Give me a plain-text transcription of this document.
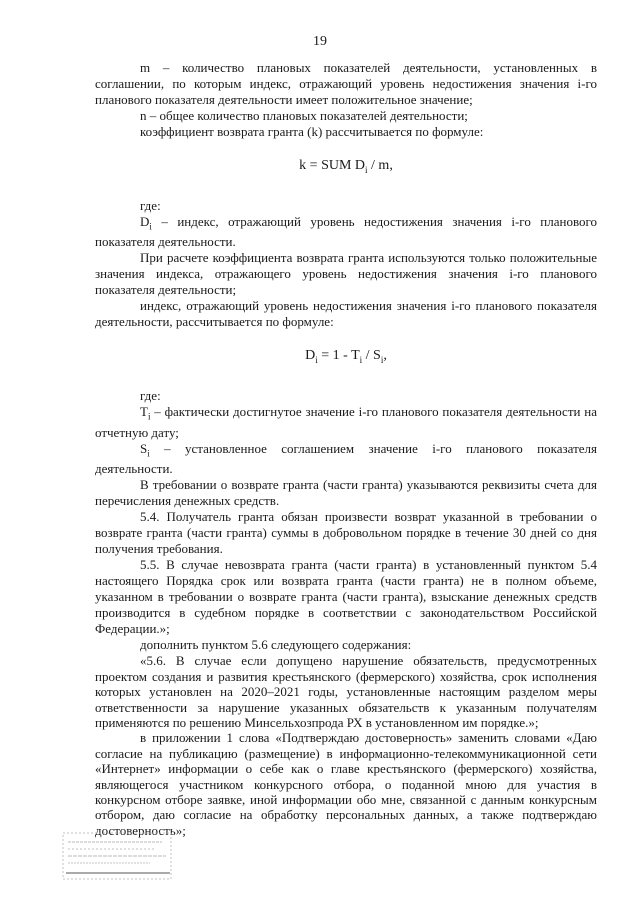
19

m – количество плановых показателей деятельности, установленных в соглашении, по которым индекс, отражающий уровень недостижения значения i-го планового показателя деятельности имеет положительное значение;

n – общее количество плановых показателей деятельности;

коэффициент возврата гранта (k) рассчитывается по формуле:

k = SUM $D_i$ / m,

где:

$D_i$ – индекс, отражающий уровень недостижения значения i-го планового показателя деятельности.

При расчете коэффициента возврата гранта используются только положительные значения индекса, отражающего уровень недостижения значения i-го планового показателя деятельности;

индекс, отражающий уровень недостижения значения i-го планового показателя деятельности, рассчитывается по формуле:

$D_i = 1 - T_i / S_i$,

где:

$T_i$ – фактически достигнутое значение i-го планового показателя деятельности на отчетную дату;

$S_i$ – установленное соглашением значение i-го планового показателя деятельности.

В требовании о возврате гранта (части гранта) указываются реквизиты счета для перечисления денежных средств.

5.4. Получатель гранта обязан произвести возврат указанной в требовании о возврате гранта (части гранта) суммы в добровольном порядке в течение 30 дней со дня получения требования.

5.5. В случае невозврата гранта (части гранта) в установленный пунктом 5.4 настоящего Порядка срок или возврата гранта (части гранта) не в полном объеме, указанном в требовании о возврате гранта (части гранта), взыскание денежных средств производится в судебном порядке в соответствии с законодательством Российской Федерации.»;

дополнить пунктом 5.6 следующего содержания:

«5.6. В случае если допущено нарушение обязательств, предусмотренных проектом создания и развития крестьянского (фермерского) хозяйства, срок исполнения которых установлен на 2020–2021 годы, установленные настоящим разделом меры ответственности за нарушение указанных обязательств к указанным получателям применяются по решению Минсельхозпрода РХ в установленном им порядке.»;

в приложении 1 слова «Подтверждаю достоверность» заменить словами «Даю согласие на публикацию (размещение) в информационно-телекоммуникационной сети «Интернет» информации о себе как о главе крестьянского (фермерского) хозяйства, являющегося участником конкурсного отбора, о поданной мною для участия в конкурсном отборе заявке, иной информации обо мне, связанной с данным конкурсным отбором, даю согласие на обработку персональных данных, а также подтверждаю достоверность»;
